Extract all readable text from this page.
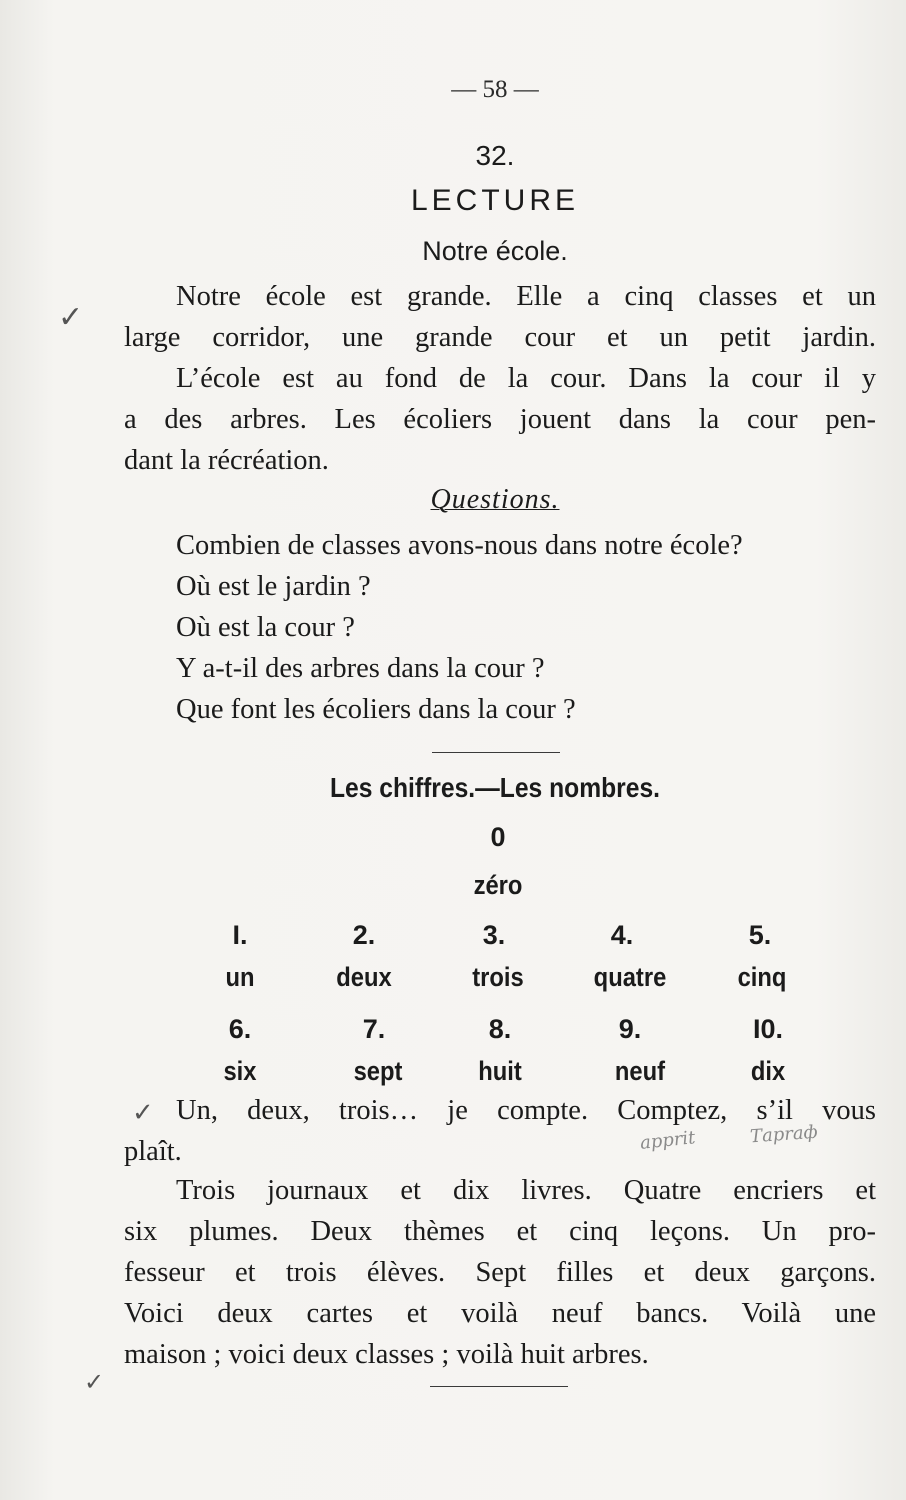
— 58 —
32.
LECTURE
Notre école.
Notre école est grande. Elle a cinq classes et un
large corridor, une grande cour et un petit jardin.
✓
L’école est au fond de la cour. Dans la cour il y
a des arbres. Les écoliers jouent dans la cour pen-
dant la récréation.
Questions.
Combien de classes avons-nous dans notre école?
Où est le jardin ?
Où est la cour ?
Y a-t-il des arbres dans la cour ?
Que font les écoliers dans la cour ?
Les chiffres.—Les nombres.
0
zéro
I.	2.	3.	4.	5.
un	deux	trois	quatre	cinq
6.	7.	8.	9.	I0.
six	sept	huit	neuf	dix
✓ Un, deux, trois… je compte. Comptez, s’il vous
plaît.	apрrit	Тарraф
Trois journaux et dix livres. Quatre encriers et
six plumes. Deux thèmes et cinq leçons. Un pro-
fesseur et trois élèves. Sept filles et deux garçons.
Voici deux cartes et voilà neuf bancs. Voilà une
maison ; voici deux classes ; voilà huit arbres.
✓
